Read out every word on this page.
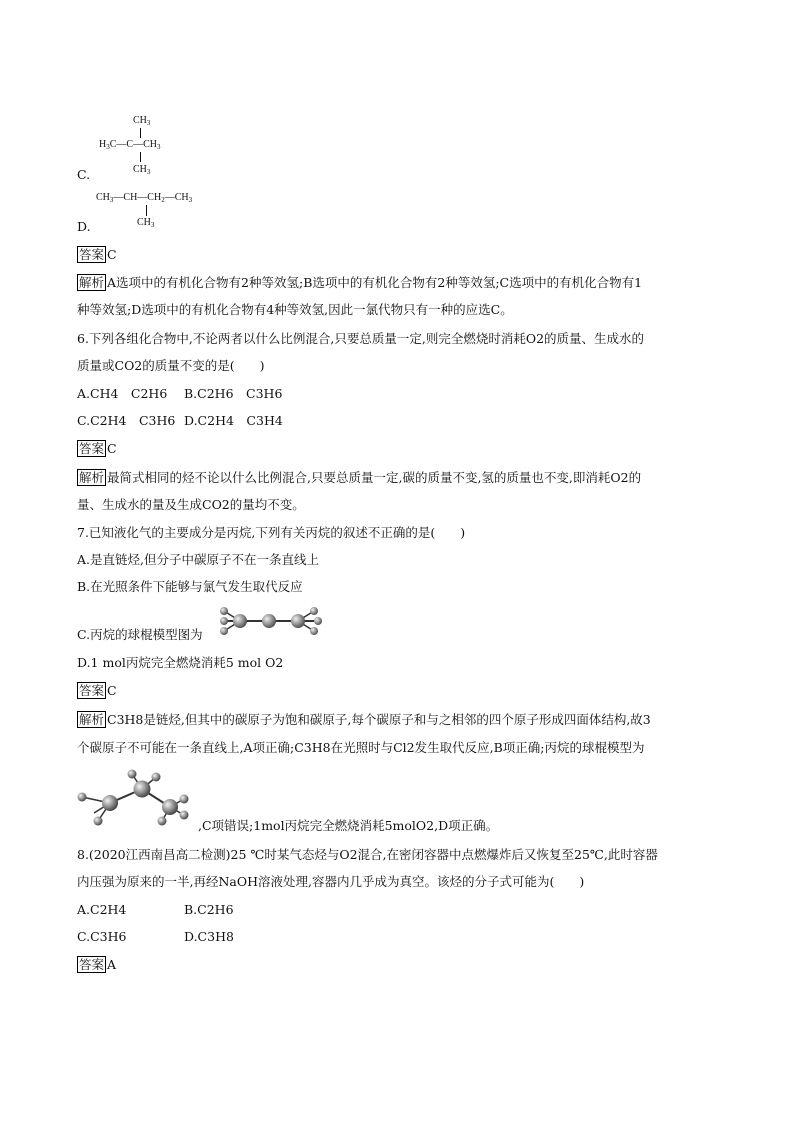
$CH_3$
$H_3C—C—CH_3$
$CH_3$
C.
$CH_3—CH—CH_2—CH_3$
$CH_3$
D.
答案 C
解析 A选项中的有机化合物有2种等效氢;B选项中的有机化合物有2种等效氢;C选项中的有机化合物有1
种等效氢;D选项中的有机化合物有4种等效氢,因此一氯代物只有一种的应选C。
6.下列各组化合物中,不论两者以什么比例混合,只要总质量一定,则完全燃烧时消耗O2的质量、生成水的
质量或CO2的质量不变的是(　　)
A.CH4　C2H6 B.C2H6　C3H6
C.C2H4　C3H6 D.C2H4　C3H4
答案 C
解析 最简式相同的烃不论以什么比例混合,只要总质量一定,碳的质量不变,氢的质量也不变,即消耗O2的
量、生成水的量及生成CO2的量均不变。
7.已知液化气的主要成分是丙烷,下列有关丙烷的叙述不正确的是(　　)
A.是直链烃,但分子中碳原子不在一条直线上
B.在光照条件下能够与氯气发生取代反应
C.丙烷的球棍模型图为
D.1 mol丙烷完全燃烧消耗5 mol O2
答案 C
解析 C3H8是链烃,但其中的碳原子为饱和碳原子,每个碳原子和与之相邻的四个原子形成四面体结构,故3
个碳原子不可能在一条直线上,A项正确;C3H8在光照时与Cl2发生取代反应,B项正确;丙烷的球棍模型为
,C项错误;1mol丙烷完全燃烧消耗5molO2,D项正确。
8.(2020江西南昌高二检测)25 ℃时某气态烃与O2混合,在密闭容器中点燃爆炸后又恢复至25℃,此时容器
内压强为原来的一半,再经NaOH溶液处理,容器内几乎成为真空。该烃的分子式可能为(　　)
A.C2H4	B.C2H6
C.C3H6	D.C3H8
答案 A
